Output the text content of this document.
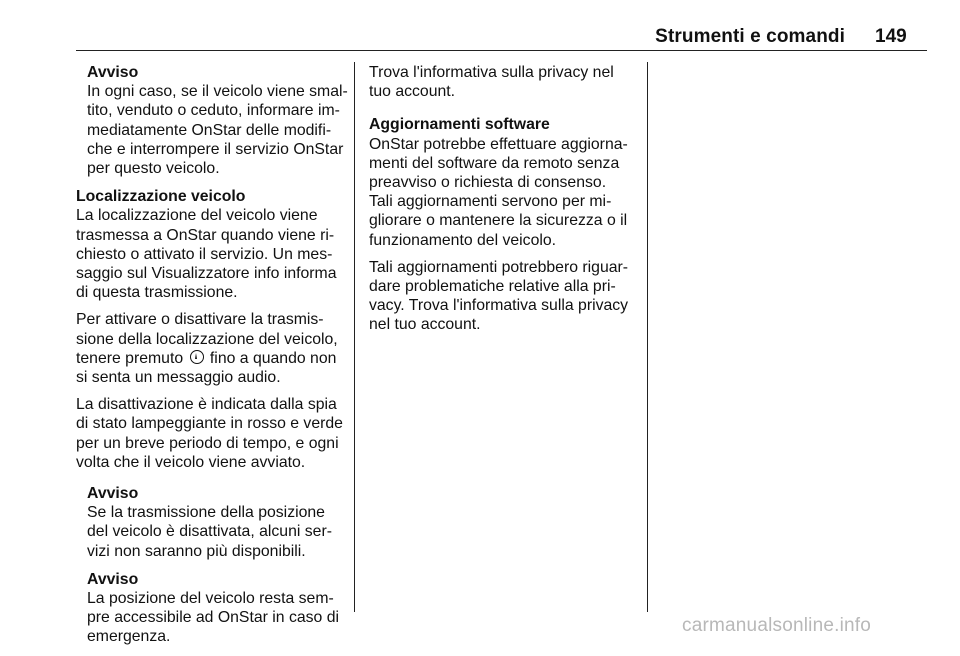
Strumenti e comandi 149
Avviso
In ogni caso, se il veicolo viene smal-
tito, venduto o ceduto, informare im-
mediatamente OnStar delle modifi-
che e interrompere il servizio OnStar
per questo veicolo.
Localizzazione veicolo
La localizzazione del veicolo viene
trasmessa a OnStar quando viene ri-
chiesto o attivato il servizio. Un mes-
saggio sul Visualizzatore info informa
di questa trasmissione.
Per attivare o disattivare la trasmis-
sione della localizzazione del veicolo,
tenere premuto  fino a quando non
si senta un messaggio audio.
La disattivazione è indicata dalla spia
di stato lampeggiante in rosso e verde
per un breve periodo di tempo, e ogni
volta che il veicolo viene avviato.
Avviso
Se la trasmissione della posizione
del veicolo è disattivata, alcuni ser-
vizi non saranno più disponibili.
Avviso
La posizione del veicolo resta sem-
pre accessibile ad OnStar in caso di
emergenza.
Trova l'informativa sulla privacy nel
tuo account.
Aggiornamenti software
OnStar potrebbe effettuare aggiorna-
menti del software da remoto senza
preavviso o richiesta di consenso.
Tali aggiornamenti servono per mi-
gliorare o mantenere la sicurezza o il
funzionamento del veicolo.
Tali aggiornamenti potrebbero riguar-
dare problematiche relative alla pri-
vacy. Trova l'informativa sulla privacy
nel tuo account.
carmanualsonline.info
